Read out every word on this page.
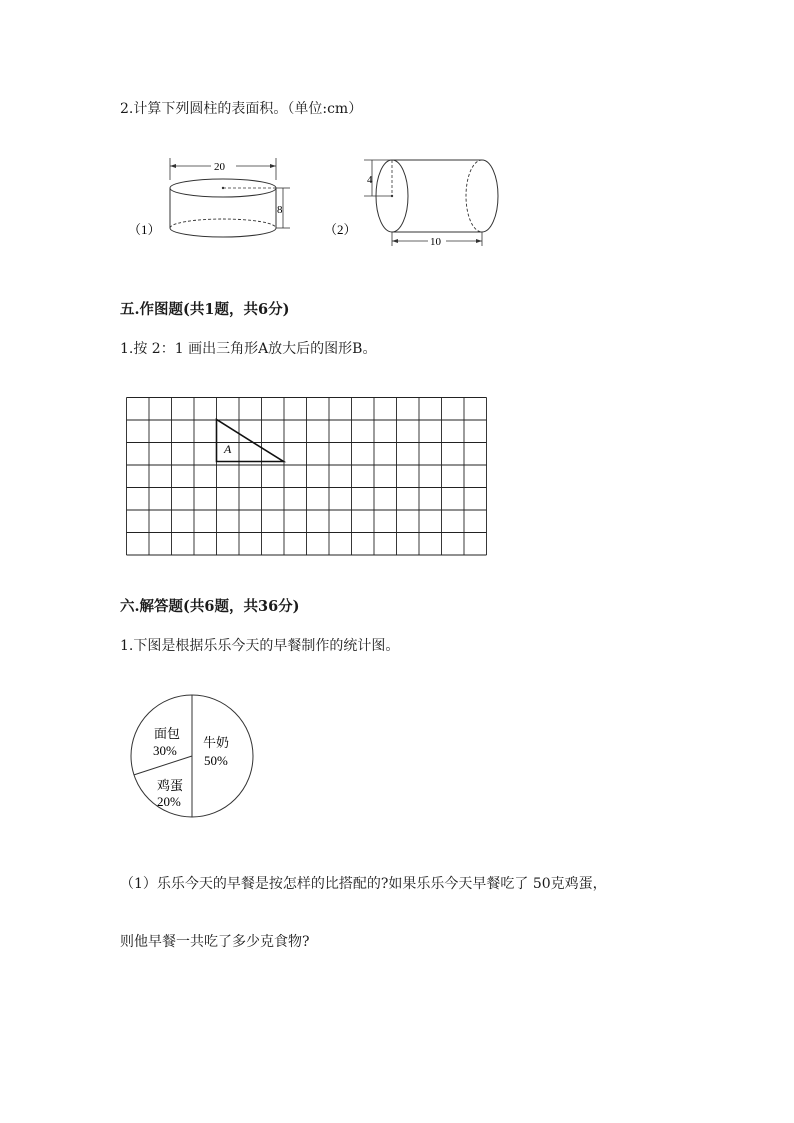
2.计算下列圆柱的表面积。（单位:cm）
（1）
20
8
（2）
4
10
五.作图题(共1题，共6分)
1.按 2：1 画出三角形A放大后的图形B。
A
六.解答题(共6题，共36分)
1.下图是根据乐乐今天的早餐制作的统计图。
牛奶
50%
面包
30%
鸡蛋
20%
（1）乐乐今天的早餐是按怎样的比搭配的?如果乐乐今天早餐吃了 50克鸡蛋，
则他早餐一共吃了多少克食物?
